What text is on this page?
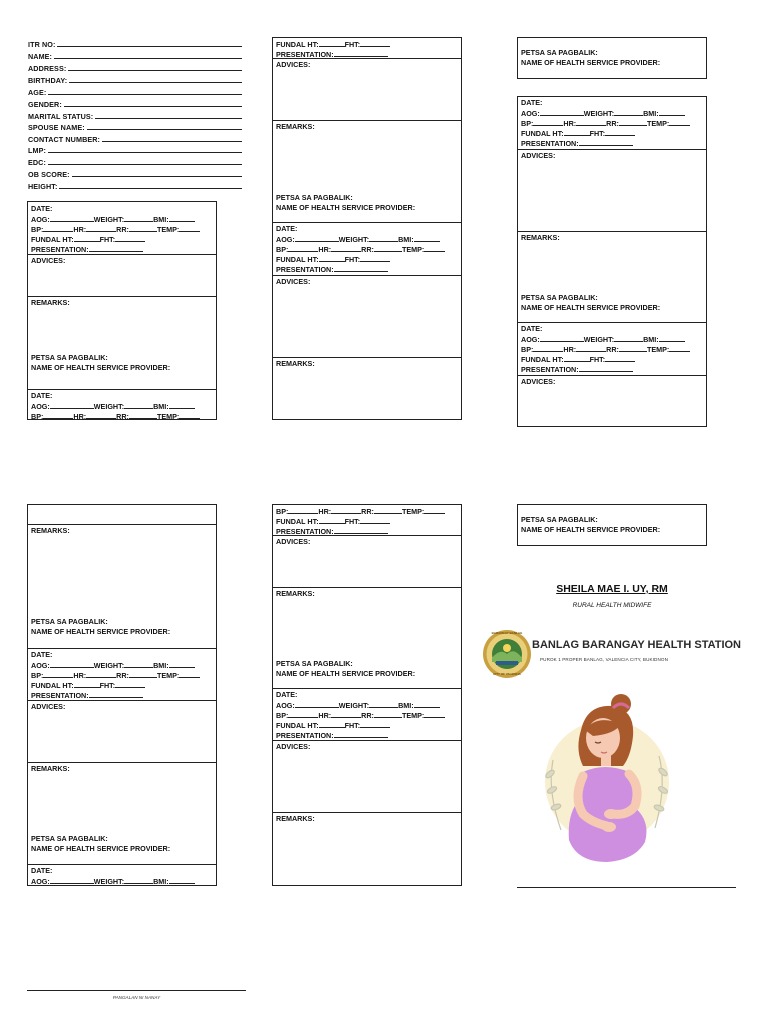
ITR NO:
NAME:
ADDRESS:
BIRTHDAY:
AGE:
GENDER:
MARITAL STATUS:
SPOUSE NAME:
CONTACT NUMBER:
LMP:
EDC:
OB SCORE:
HEIGHT:
DATE:
AOG:	WEIGHT:	BMI:
BP:	HR:	RR:	TEMP:
FUNDAL HT:	FHT:
PRESENTATION:
ADVICES:
REMARKS:
PETSA SA PAGBALIK:
NAME OF HEALTH SERVICE PROVIDER:
DATE:
AOG:	WEIGHT:	BMI:
BP:	HR:	RR:	TEMP:
FUNDAL HT:	FHT:
PRESENTATION:
ADVICES:
REMARKS:
PETSA SA PAGBALIK:
NAME OF HEALTH SERVICE PROVIDER:
DATE:
AOG:	WEIGHT:	BMI:
BP:	HR:	RR:	TEMP:
FUNDAL HT:	FHT:
PRESENTATION:
ADVICES:
REMARKS:
PETSA SA PAGBALIK:
NAME OF HEALTH SERVICE PROVIDER:
DATE:
AOG:	WEIGHT:	BMI:
BP:	HR:	RR:	TEMP:
FUNDAL HT:	FHT:
PRESENTATION:
ADVICES:
REMARKS:
PETSA SA PAGBALIK:
NAME OF HEALTH SERVICE PROVIDER:
DATE:
AOG:	WEIGHT:	BMI:
BP:	HR:	RR:	TEMP:
FUNDAL HT:	FHT:
PRESENTATION:
ADVICES:
REMARKS:
PETSA SA PAGBALIK:
NAME OF HEALTH SERVICE PROVIDER:
DATE:
AOG:	WEIGHT:	BMI:
BP:	HR:	RR:	TEMP:
FUNDAL HT:	FHT:
PRESENTATION:
ADVICES:
REMARKS:
PETSA SA PAGBALIK:
NAME OF HEALTH SERVICE PROVIDER:
DATE:
AOG:	WEIGHT:	BMI:
PANGALAN NI NANAY
BP:	HR:	RR:	TEMP:
FUNDAL HT:	FHT:
PRESENTATION:
ADVICES:
REMARKS:
PETSA SA PAGBALIK:
NAME OF HEALTH SERVICE PROVIDER:
DATE:
AOG:	WEIGHT:	BMI:
BP:	HR:	RR:	TEMP:
FUNDAL HT:	FHT:
PRESENTATION:
ADVICES:
REMARKS:
PETSA SA PAGBALIK:
NAME OF HEALTH SERVICE PROVIDER:
SHEILA MAE I. UY, RM
RURAL HEALTH MIDWIFE
BARANGAY BANLAG
CITY OF VALENCIA
BANLAG BARANGAY HEALTH STATION
PUROK 1 PROPER BANLAG, VALENCIA CITY, BUKIDNON
